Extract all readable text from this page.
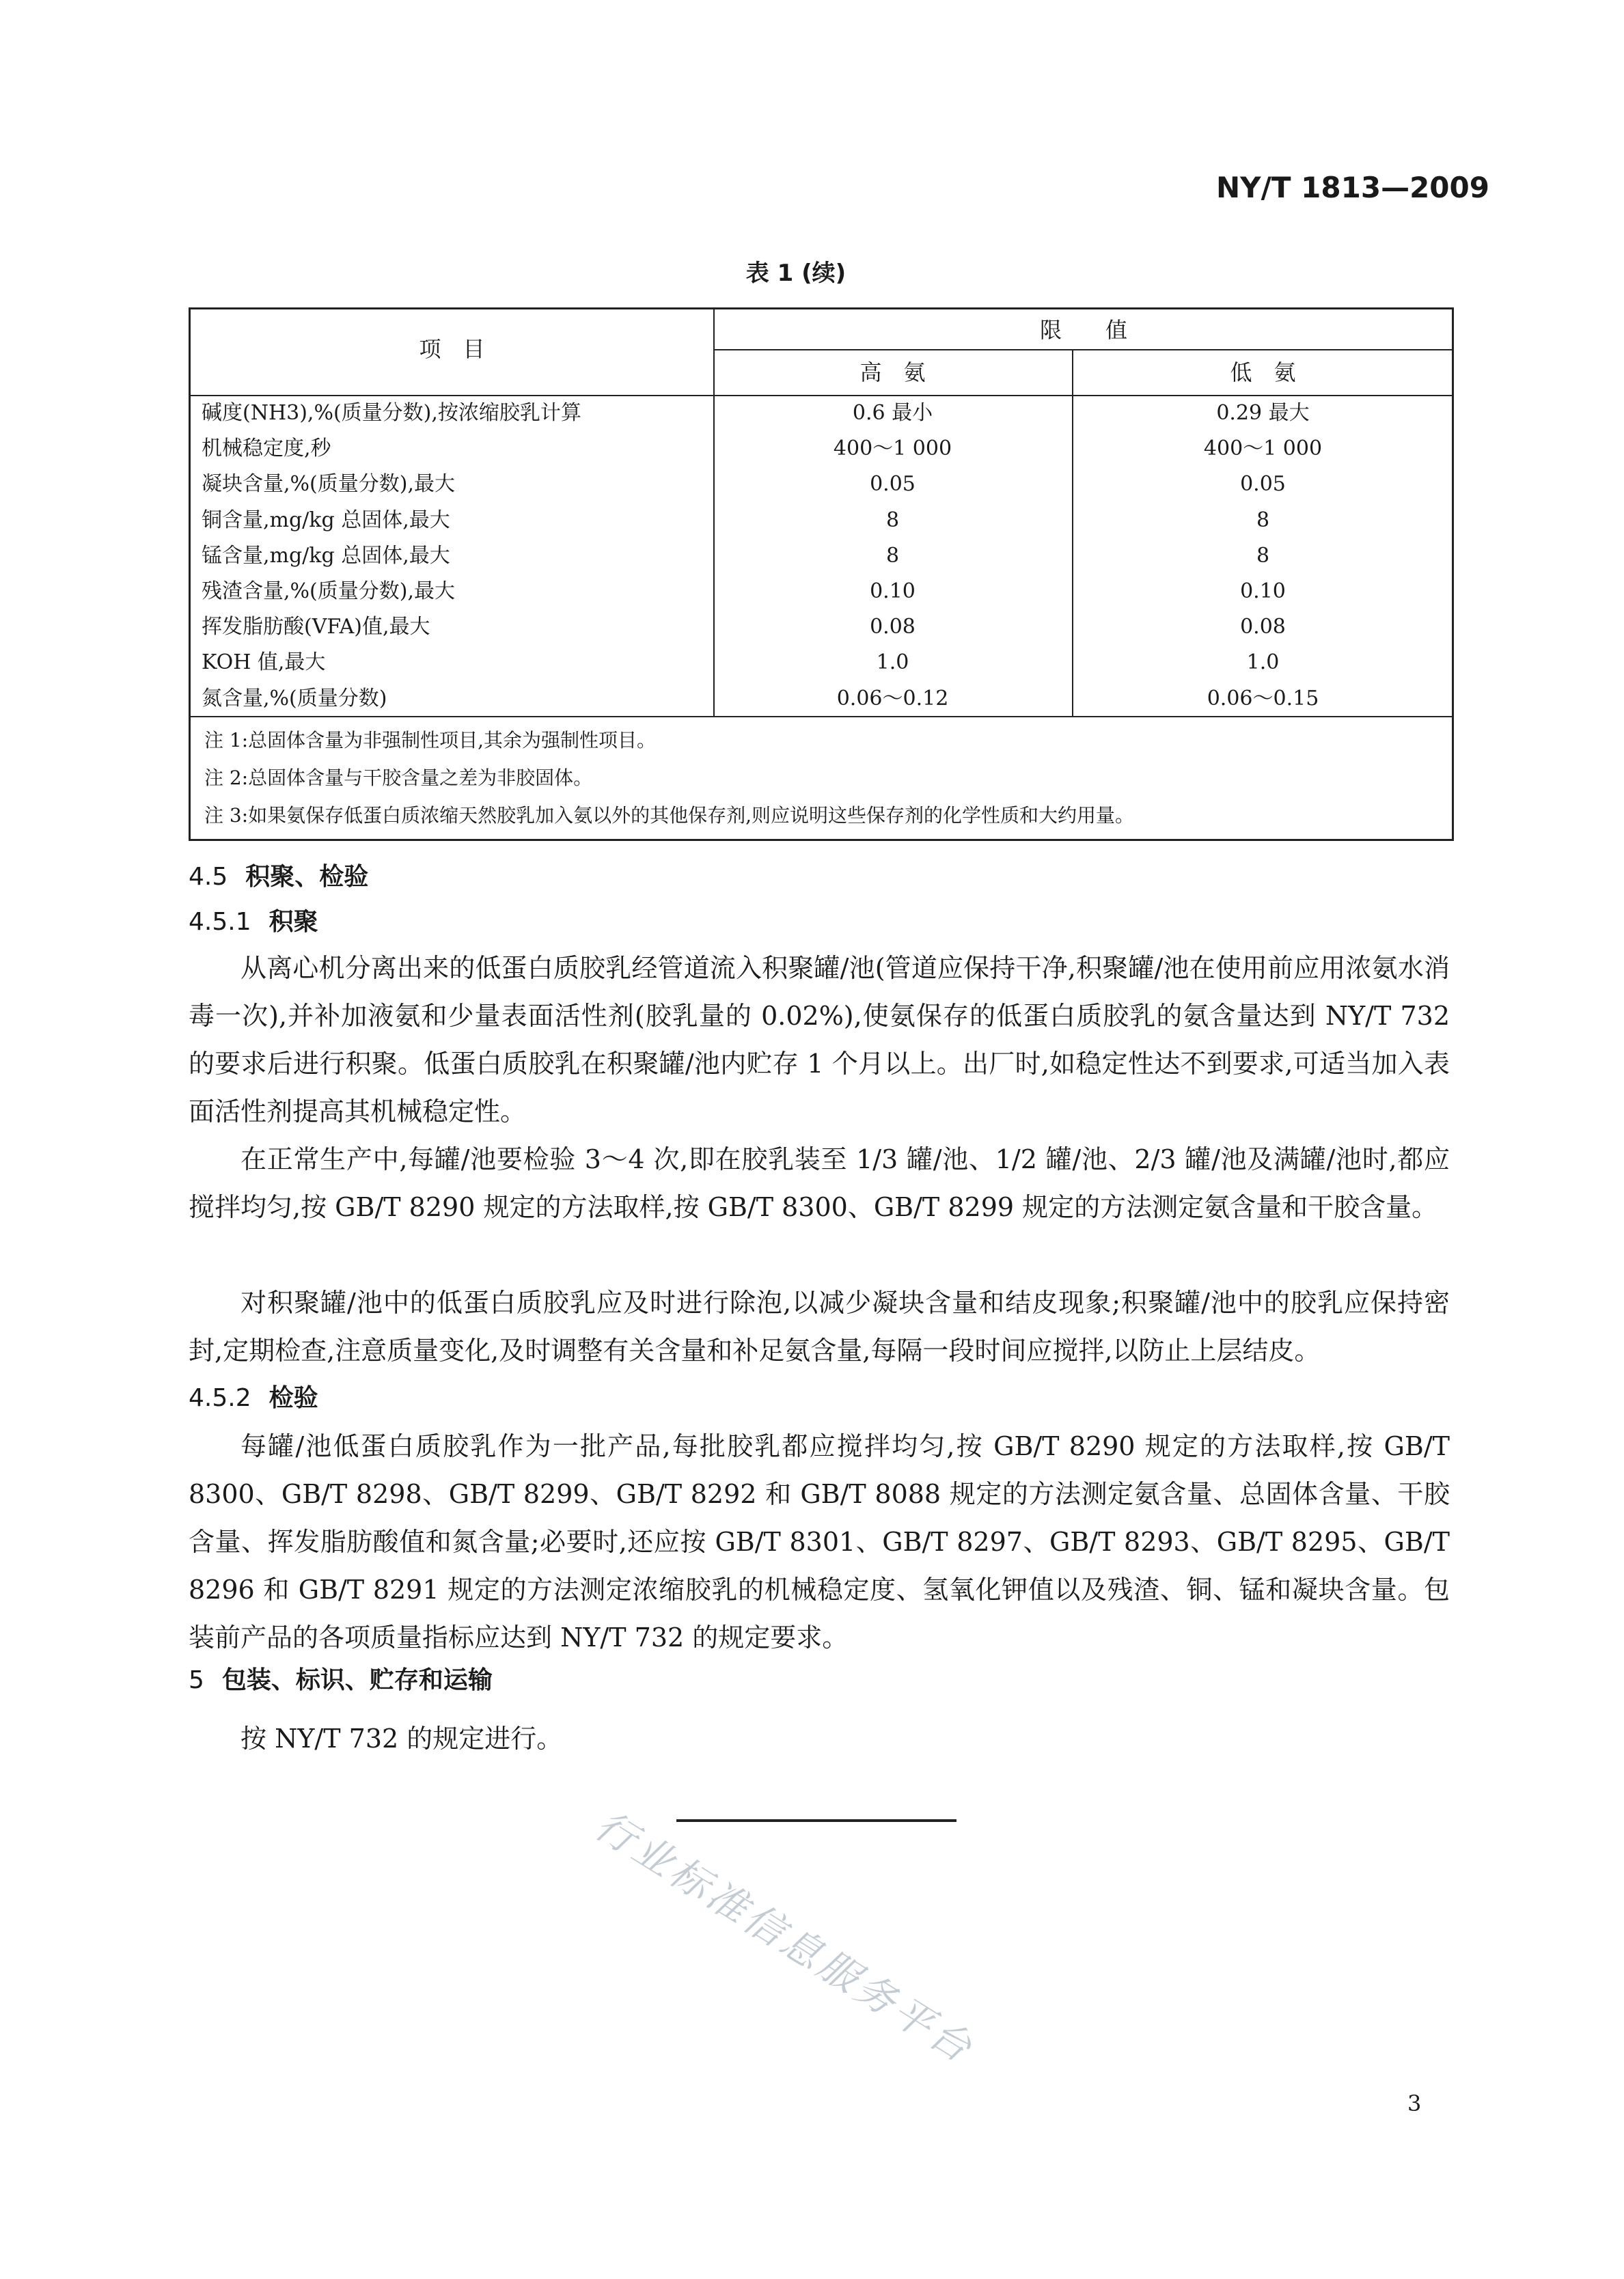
NY/T 1813—2009
表 1 (续)
项　目
限　　值
高　氨	低　氨
碱度(NH3),%(质量分数),按浓缩胶乳计算	0.6 最小	0.29 最大
机械稳定度,秒	400～1 000	400～1 000
凝块含量,%(质量分数),最大	0.05	0.05
铜含量,mg/kg 总固体,最大	8	8
锰含量,mg/kg 总固体,最大	8	8
残渣含量,%(质量分数),最大	0.10	0.10
挥发脂肪酸(VFA)值,最大	0.08	0.08
KOH 值,最大	1.0	1.0
氮含量,%(质量分数)	0.06～0.12	0.06～0.15
注 1:总固体含量为非强制性项目,其余为强制性项目。
注 2:总固体含量与干胶含量之差为非胶固体。
注 3:如果氨保存低蛋白质浓缩天然胶乳加入氨以外的其他保存剂,则应说明这些保存剂的化学性质和大约用量。
4.5 积聚、检验
4.5.1 积聚
从离心机分离出来的低蛋白质胶乳经管道流入积聚罐/池(管道应保持干净,积聚罐/池在使用前应用浓氨水消毒一次),并补加液氨和少量表面活性剂(胶乳量的 0.02%),使氨保存的低蛋白质胶乳的氨含量达到 NY/T 732 的要求后进行积聚。低蛋白质胶乳在积聚罐/池内贮存 1 个月以上。出厂时,如稳定性达不到要求,可适当加入表面活性剂提高其机械稳定性。
在正常生产中,每罐/池要检验 3～4 次,即在胶乳装至 1/3 罐/池、1/2 罐/池、2/3 罐/池及满罐/池时,都应搅拌均匀,按 GB/T 8290 规定的方法取样,按 GB/T 8300、GB/T 8299 规定的方法测定氨含量和干胶含量。
对积聚罐/池中的低蛋白质胶乳应及时进行除泡,以减少凝块含量和结皮现象;积聚罐/池中的胶乳应保持密封,定期检查,注意质量变化,及时调整有关含量和补足氨含量,每隔一段时间应搅拌,以防止上层结皮。
4.5.2 检验
每罐/池低蛋白质胶乳作为一批产品,每批胶乳都应搅拌均匀,按 GB/T 8290 规定的方法取样,按 GB/T 8300、GB/T 8298、GB/T 8299、GB/T 8292 和 GB/T 8088 规定的方法测定氨含量、总固体含量、干胶含量、挥发脂肪酸值和氮含量;必要时,还应按 GB/T 8301、GB/T 8297、GB/T 8293、GB/T 8295、GB/T 8296 和 GB/T 8291 规定的方法测定浓缩胶乳的机械稳定度、氢氧化钾值以及残渣、铜、锰和凝块含量。包装前产品的各项质量指标应达到 NY/T 732 的规定要求。
5 包装、标识、贮存和运输
按 NY/T 732 的规定进行。
行业标准信息服务平台
3
